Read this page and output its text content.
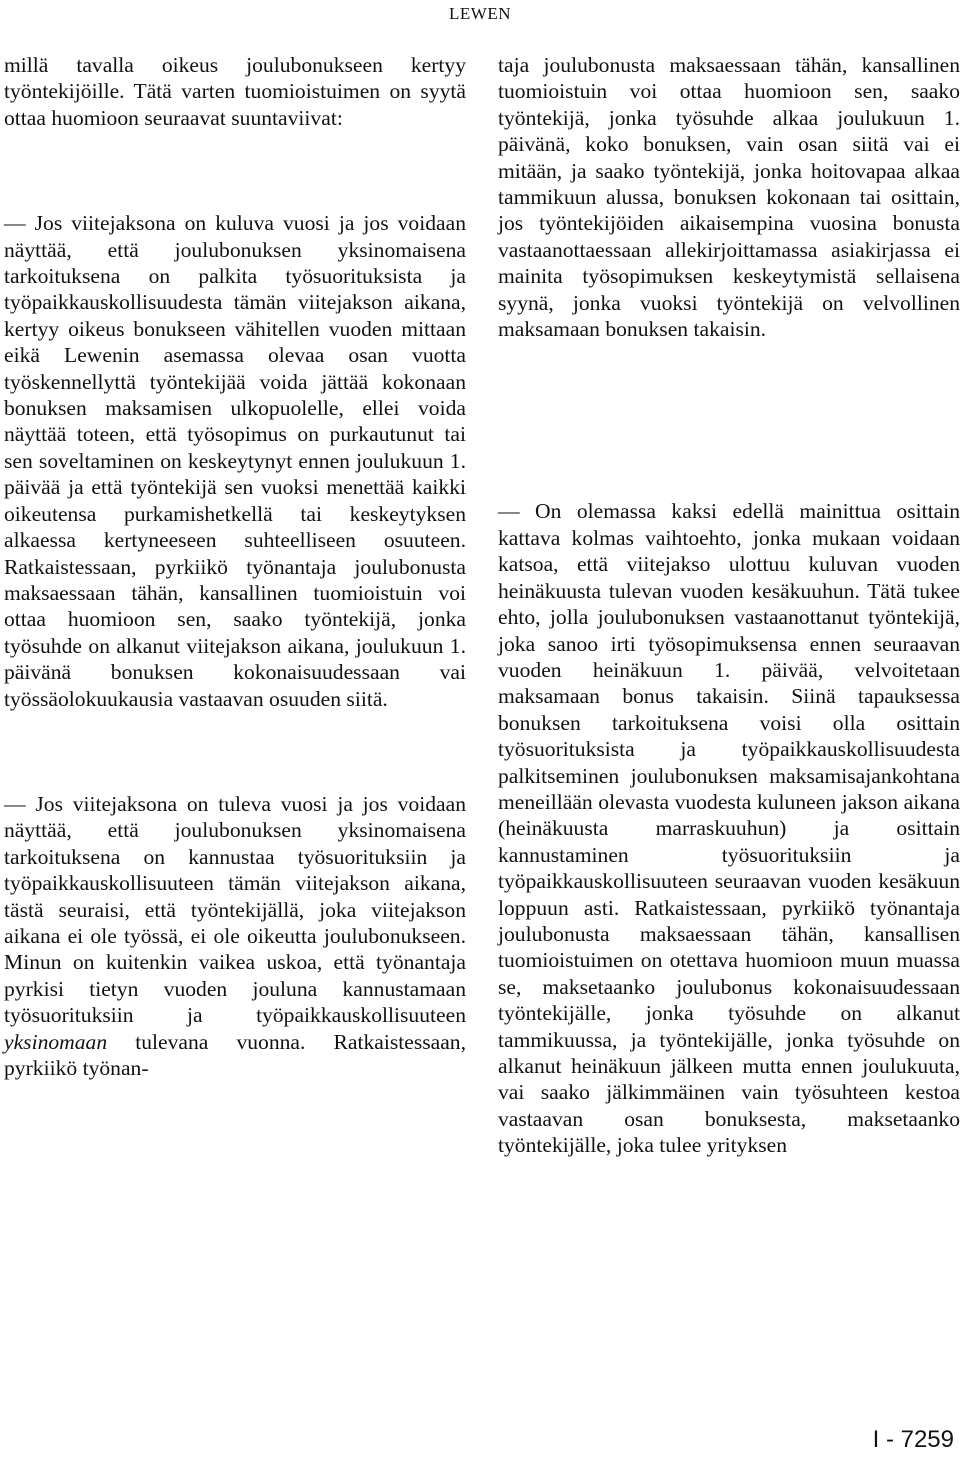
LEWEN

millä tavalla oikeus joulubonukseen kertyy työntekijöille. Tätä varten tuomioistuimen on syytä ottaa huomioon seuraavat suuntaviivat:

— Jos viitejaksona on kuluva vuosi ja jos voidaan näyttää, että joulubonuksen yksinomaisena tarkoituksena on palkita työsuorituksista ja työpaikkauskollisuudesta tämän viitejakson aikana, kertyy oikeus bonukseen vähitellen vuoden mittaan eikä Lewenin asemassa olevaa osan vuotta työskennellyttä työntekijää voida jättää kokonaan bonuksen maksamisen ulkopuolelle, ellei voida näyttää toteen, että työsopimus on purkautunut tai sen soveltaminen on keskeytynyt ennen joulukuun 1. päivää ja että työntekijä sen vuoksi menettää kaikki oikeutensa purkamishetkellä tai keskeytyksen alkaessa kertyneeseen suhteelliseen osuuteen. Ratkaistessaan, pyrkiikö työnantaja joulubonusta maksaessaan tähän, kansallinen tuomioistuin voi ottaa huomioon sen, saako työntekijä, jonka työsuhde on alkanut viitejakson aikana, joulukuun 1. päivänä bonuksen kokonaisuudessaan vai työssäolokuukausia vastaavan osuuden siitä.

— Jos viitejaksona on tuleva vuosi ja jos voidaan näyttää, että joulubonuksen yksinomaisena tarkoituksena on kannustaa työsuorituksiin ja työpaikkauskollisuuteen tämän viitejakson aikana, tästä seuraisi, että työntekijällä, joka viitejakson aikana ei ole työssä, ei ole oikeutta joulubonukseen. Minun on kuitenkin vaikea uskoa, että työnantaja pyrkisi tietyn vuoden jouluna kannustamaan työsuorituksiin ja työpaikkauskollisuuteen yksinomaan tulevana vuonna. Ratkaistessaan, pyrkiikö työnan-

taja joulubonusta maksaessaan tähän, kansallinen tuomioistuin voi ottaa huomioon sen, saako työntekijä, jonka työsuhde alkaa joulukuun 1. päivänä, koko bonuksen, vain osan siitä vai ei mitään, ja saako työntekijä, jonka hoitovapaa alkaa tammikuun alussa, bonuksen kokonaan tai osittain, jos työntekijöiden aikaisempina vuosina bonusta vastaanottaessaan allekirjoittamassa asiakirjassa ei mainita työsopimuksen keskeytymistä sellaisena syynä, jonka vuoksi työntekijä on velvollinen maksamaan bonuksen takaisin.

— On olemassa kaksi edellä mainittua osittain kattava kolmas vaihtoehto, jonka mukaan voidaan katsoa, että viitejakso ulottuu kuluvan vuoden heinäkuusta tulevan vuoden kesäkuuhun. Tätä tukee ehto, jolla joulubonuksen vastaanottanut työntekijä, joka sanoo irti työsopimuksensa ennen seuraavan vuoden heinäkuun 1. päivää, velvoitetaan maksamaan bonus takaisin. Siinä tapauksessa bonuksen tarkoituksena voisi olla osittain työsuorituksista ja työpaikkauskollisuudesta palkitseminen joulubonuksen maksamisajankohtana meneillään olevasta vuodesta kuluneen jakson aikana (heinäkuusta marraskuuhun) ja osittain kannustaminen työsuorituksiin ja työpaikkauskollisuuteen seuraavan vuoden kesäkuun loppuun asti. Ratkaistessaan, pyrkiikö työnantaja joulubonusta maksaessaan tähän, kansallisen tuomioistuimen on otettava huomioon muun muassa se, maksetaanko joulubonus kokonaisuudessaan työntekijälle, jonka työsuhde on alkanut tammikuussa, ja työntekijälle, jonka työsuhde on alkanut heinäkuun jälkeen mutta ennen joulukuuta, vai saako jälkimmäinen vain työsuhteen kestoa vastaavan osan bonuksesta, maksetaanko työntekijälle, joka tulee yrityksen

I - 7259
